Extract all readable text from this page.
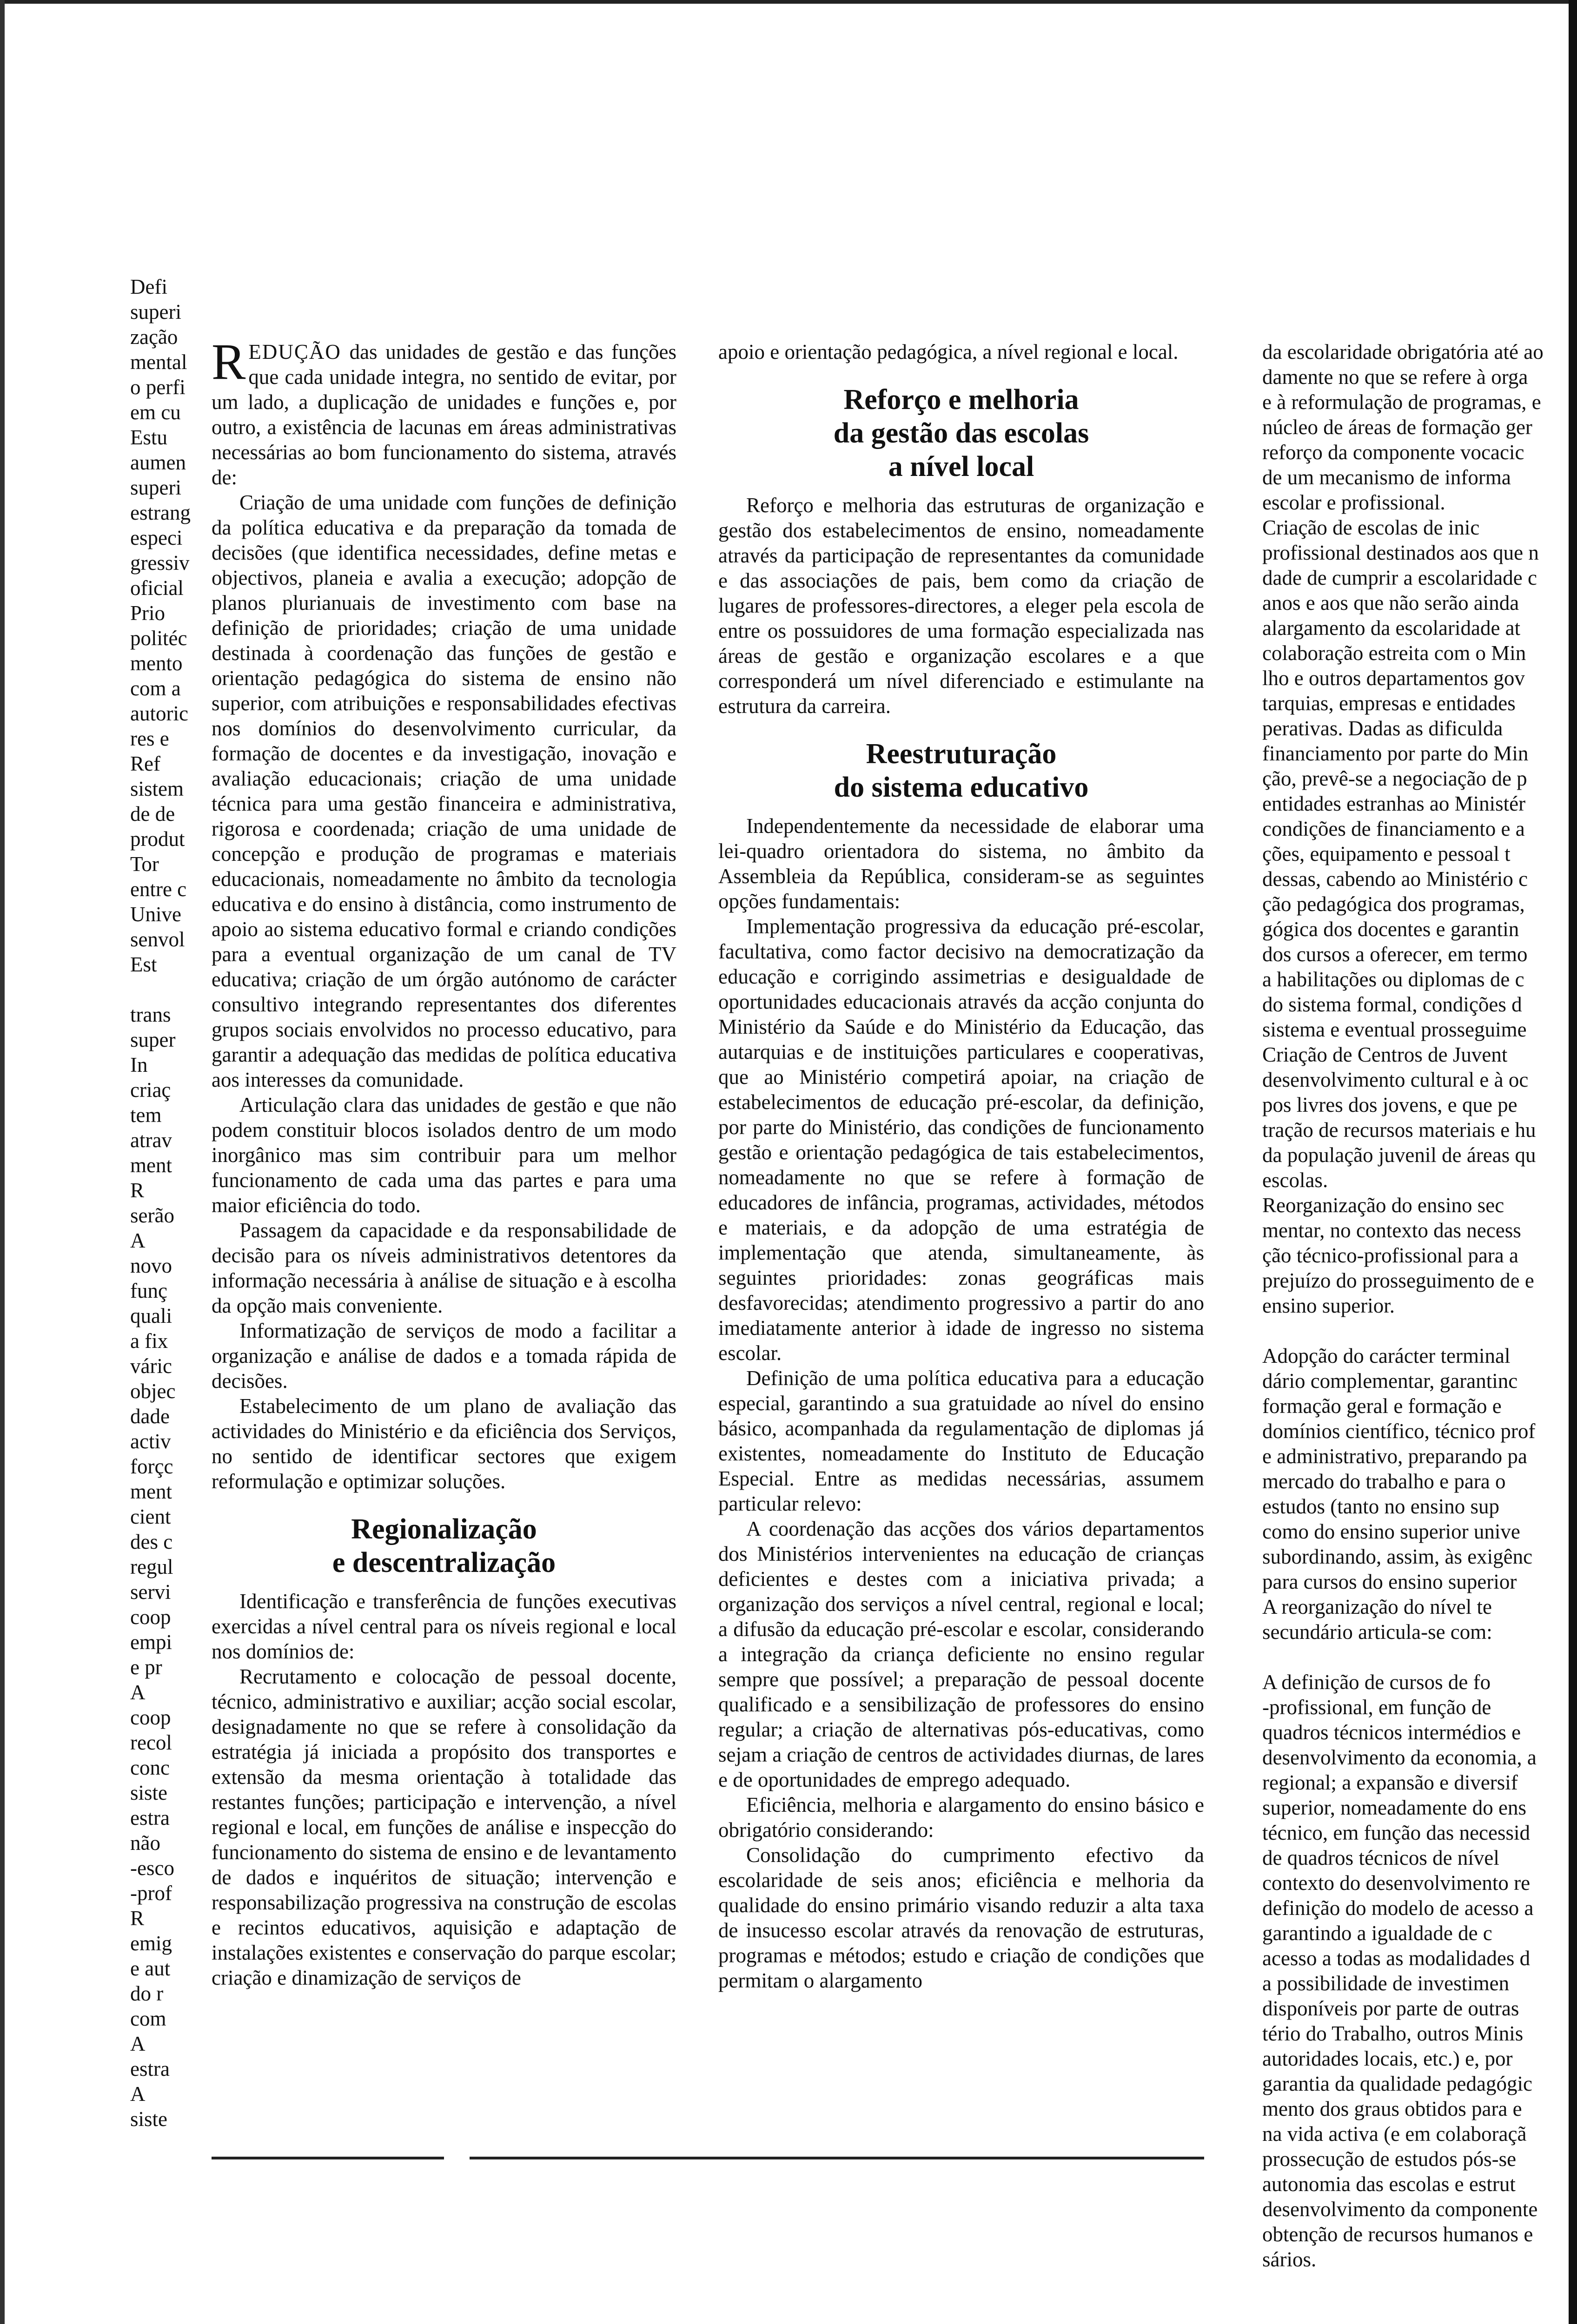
Defi

superi

zação

mental

o perfi

em cu

Estu

aumen

superi

estrang

especi

gressiv

oficial

Prio

politéc

mento

com a

autoric

res e

Ref

sistem

de de

produt

Tor

entre c

Unive

senvol

Est

trans

super

In

criaç

tem

atrav

ment

R

serão

A

novo

funç

quali

a fix

váric

objec

dade

activ

forçc

ment

cient

des c

regul

servi

coop

empi

e pr

A

coop

recol

conc

siste

estra

não

-esco

-prof

R

emig

e aut

do r

com

A

estra

A

siste

REDUÇÃO das unidades de gestão e das funções que cada unidade integra, no sentido de evitar, por um lado, a duplicação de unidades e funções e, por outro, a existência de lacunas em áreas administrativas necessárias ao bom funcionamento do sistema, através de:

Criação de uma unidade com funções de definição da política educativa e da preparação da tomada de decisões (que identifica necessidades, define metas e objectivos, planeia e avalia a execução; adopção de planos plurianuais de investimento com base na definição de prioridades; criação de uma unidade destinada à coordenação das funções de gestão e orientação pedagógica do sistema de ensino não superior, com atribuições e responsabilidades efectivas nos domínios do desenvolvimento curricular, da formação de docentes e da investigação, inovação e avaliação educacionais; criação de uma unidade técnica para uma gestão financeira e administrativa, rigorosa e coordenada; criação de uma unidade de concepção e produção de programas e materiais educacionais, nomeadamente no âmbito da tecnologia educativa e do ensino à distância, como instrumento de apoio ao sistema educativo formal e criando condições para a eventual organização de um canal de TV educativa; criação de um órgão autónomo de carácter consultivo integrando representantes dos diferentes grupos sociais envolvidos no processo educativo, para garantir a adequação das medidas de política educativa aos interesses da comunidade.

Articulação clara das unidades de gestão e que não podem constituir blocos isolados dentro de um modo inorgânico mas sim contribuir para um melhor funcionamento de cada uma das partes e para uma maior eficiência do todo.

Passagem da capacidade e da responsabilidade de decisão para os níveis administrativos detentores da informação necessária à análise de situação e à escolha da opção mais conveniente.

Informatização de serviços de modo a facilitar a organização e análise de dados e a tomada rápida de decisões.

Estabelecimento de um plano de avaliação das actividades do Ministério e da eficiência dos Serviços, no sentido de identificar sectores que exigem reformulação e optimizar soluções.

Regionalização
e descentralização

Identificação e transferência de funções executivas exercidas a nível central para os níveis regional e local nos domínios de:

Recrutamento e colocação de pessoal docente, técnico, administrativo e auxiliar; acção social escolar, designadamente no que se refere à consolidação da estratégia já iniciada a propósito dos transportes e extensão da mesma orientação à totalidade das restantes funções; participação e intervenção, a nível regional e local, em funções de análise e inspecção do funcionamento do sistema de ensino e de levantamento de dados e inquéritos de situação; intervenção e responsabilização progressiva na construção de escolas e recintos educativos, aquisição e adaptação de instalações existentes e conservação do parque escolar; criação e dinamização de serviços de

apoio e orientação pedagógica, a nível regional e local.

Reforço e melhoria
da gestão das escolas
a nível local

Reforço e melhoria das estruturas de organização e gestão dos estabelecimentos de ensino, nomeadamente através da participação de representantes da comunidade e das associações de pais, bem como da criação de lugares de professores-directores, a eleger pela escola de entre os possuidores de uma formação especializada nas áreas de gestão e organização escolares e a que corresponderá um nível diferenciado e estimulante na estrutura da carreira.

Reestruturação
do sistema educativo

Independentemente da necessidade de elaborar uma lei-quadro orientadora do sistema, no âmbito da Assembleia da República, consideram-se as seguintes opções fundamentais:

Implementação progressiva da educação pré-escolar, facultativa, como factor decisivo na democratização da educação e corrigindo assimetrias e desigualdade de oportunidades educacionais através da acção conjunta do Ministério da Saúde e do Ministério da Educação, das autarquias e de instituições particulares e cooperativas, que ao Ministério competirá apoiar, na criação de estabelecimentos de educação pré-escolar, da definição, por parte do Ministério, das condições de funcionamento gestão e orientação pedagógica de tais estabelecimentos, nomeadamente no que se refere à formação de educadores de infância, programas, actividades, métodos e materiais, e da adopção de uma estratégia de implementação que atenda, simultaneamente, às seguintes prioridades: zonas geográficas mais desfavorecidas; atendimento progressivo a partir do ano imediatamente anterior à idade de ingresso no sistema escolar.

Definição de uma política educativa para a educação especial, garantindo a sua gratuidade ao nível do ensino básico, acompanhada da regulamentação de diplomas já existentes, nomeadamente do Instituto de Educação Especial. Entre as medidas necessárias, assumem particular relevo:

A coordenação das acções dos vários departamentos dos Ministérios intervenientes na educação de crianças deficientes e destes com a iniciativa privada; a organização dos serviços a nível central, regional e local; a difusão da educação pré-escolar e escolar, considerando a integração da criança deficiente no ensino regular sempre que possível; a preparação de pessoal docente qualificado e a sensibilização de professores do ensino regular; a criação de alternativas pós-educativas, como sejam a criação de centros de actividades diurnas, de lares e de oportunidades de emprego adequado.

Eficiência, melhoria e alargamento do ensino básico e obrigatório considerando:

Consolidação do cumprimento efectivo da escolaridade de seis anos; eficiência e melhoria da qualidade do ensino primário visando reduzir a alta taxa de insucesso escolar através da renovação de estruturas, programas e métodos; estudo e criação de condições que permitam o alargamento

da escolaridade obrigatória até ao

damente no que se refere à orga

e à reformulação de programas, e

núcleo de áreas de formação ger

reforço da componente vocacic

de um mecanismo de informa

escolar e profissional.

Criação de escolas de inic

profissional destinados aos que n

dade de cumprir a escolaridade c

anos e aos que não serão ainda

alargamento da escolaridade at

colaboração estreita com o Min

lho e outros departamentos gov

tarquias, empresas e entidades

perativas. Dadas as dificulda

financiamento por parte do Min

ção, prevê-se a negociação de p

entidades estranhas ao Ministér

condições de financiamento e a

ções, equipamento e pessoal t

dessas, cabendo ao Ministério c

ção pedagógica dos programas,

gógica dos docentes e garantin

dos cursos a oferecer, em termo

a habilitações ou diplomas de c

do sistema formal, condições d

sistema e eventual prosseguime

Criação de Centros de Juvent

desenvolvimento cultural e à oc

pos livres dos jovens, e que pe

tração de recursos materiais e hu

da população juvenil de áreas qu

escolas.

Reorganização do ensino sec

mentar, no contexto das necess

ção técnico-profissional para a

prejuízo do prosseguimento de e

ensino superior.

Adopção do carácter terminal

dário complementar, garantinc

formação geral e formação e

domínios científico, técnico prof

e administrativo, preparando pa

mercado do trabalho e para o

estudos (tanto no ensino sup

como do ensino superior unive

subordinando, assim, às exigênc

para cursos do ensino superior

A reorganização do nível te

secundário articula-se com:

A definição de cursos de fo

-profissional, em função de

quadros técnicos intermédios e

desenvolvimento da economia, a

regional; a expansão e diversif

superior, nomeadamente do ens

técnico, em função das necessid

de quadros técnicos de nível

contexto do desenvolvimento re

definição do modelo de acesso a

garantindo a igualdade de c

acesso a todas as modalidades d

a possibilidade de investimen

disponíveis por parte de outras

tério do Trabalho, outros Minis

autoridades locais, etc.) e, por

garantia da qualidade pedagógic

mento dos graus obtidos para e

na vida activa (e em colaboraçã

prossecução de estudos pós-se

autonomia das escolas e estrut

desenvolvimento da componente

obtenção de recursos humanos e

sários.
